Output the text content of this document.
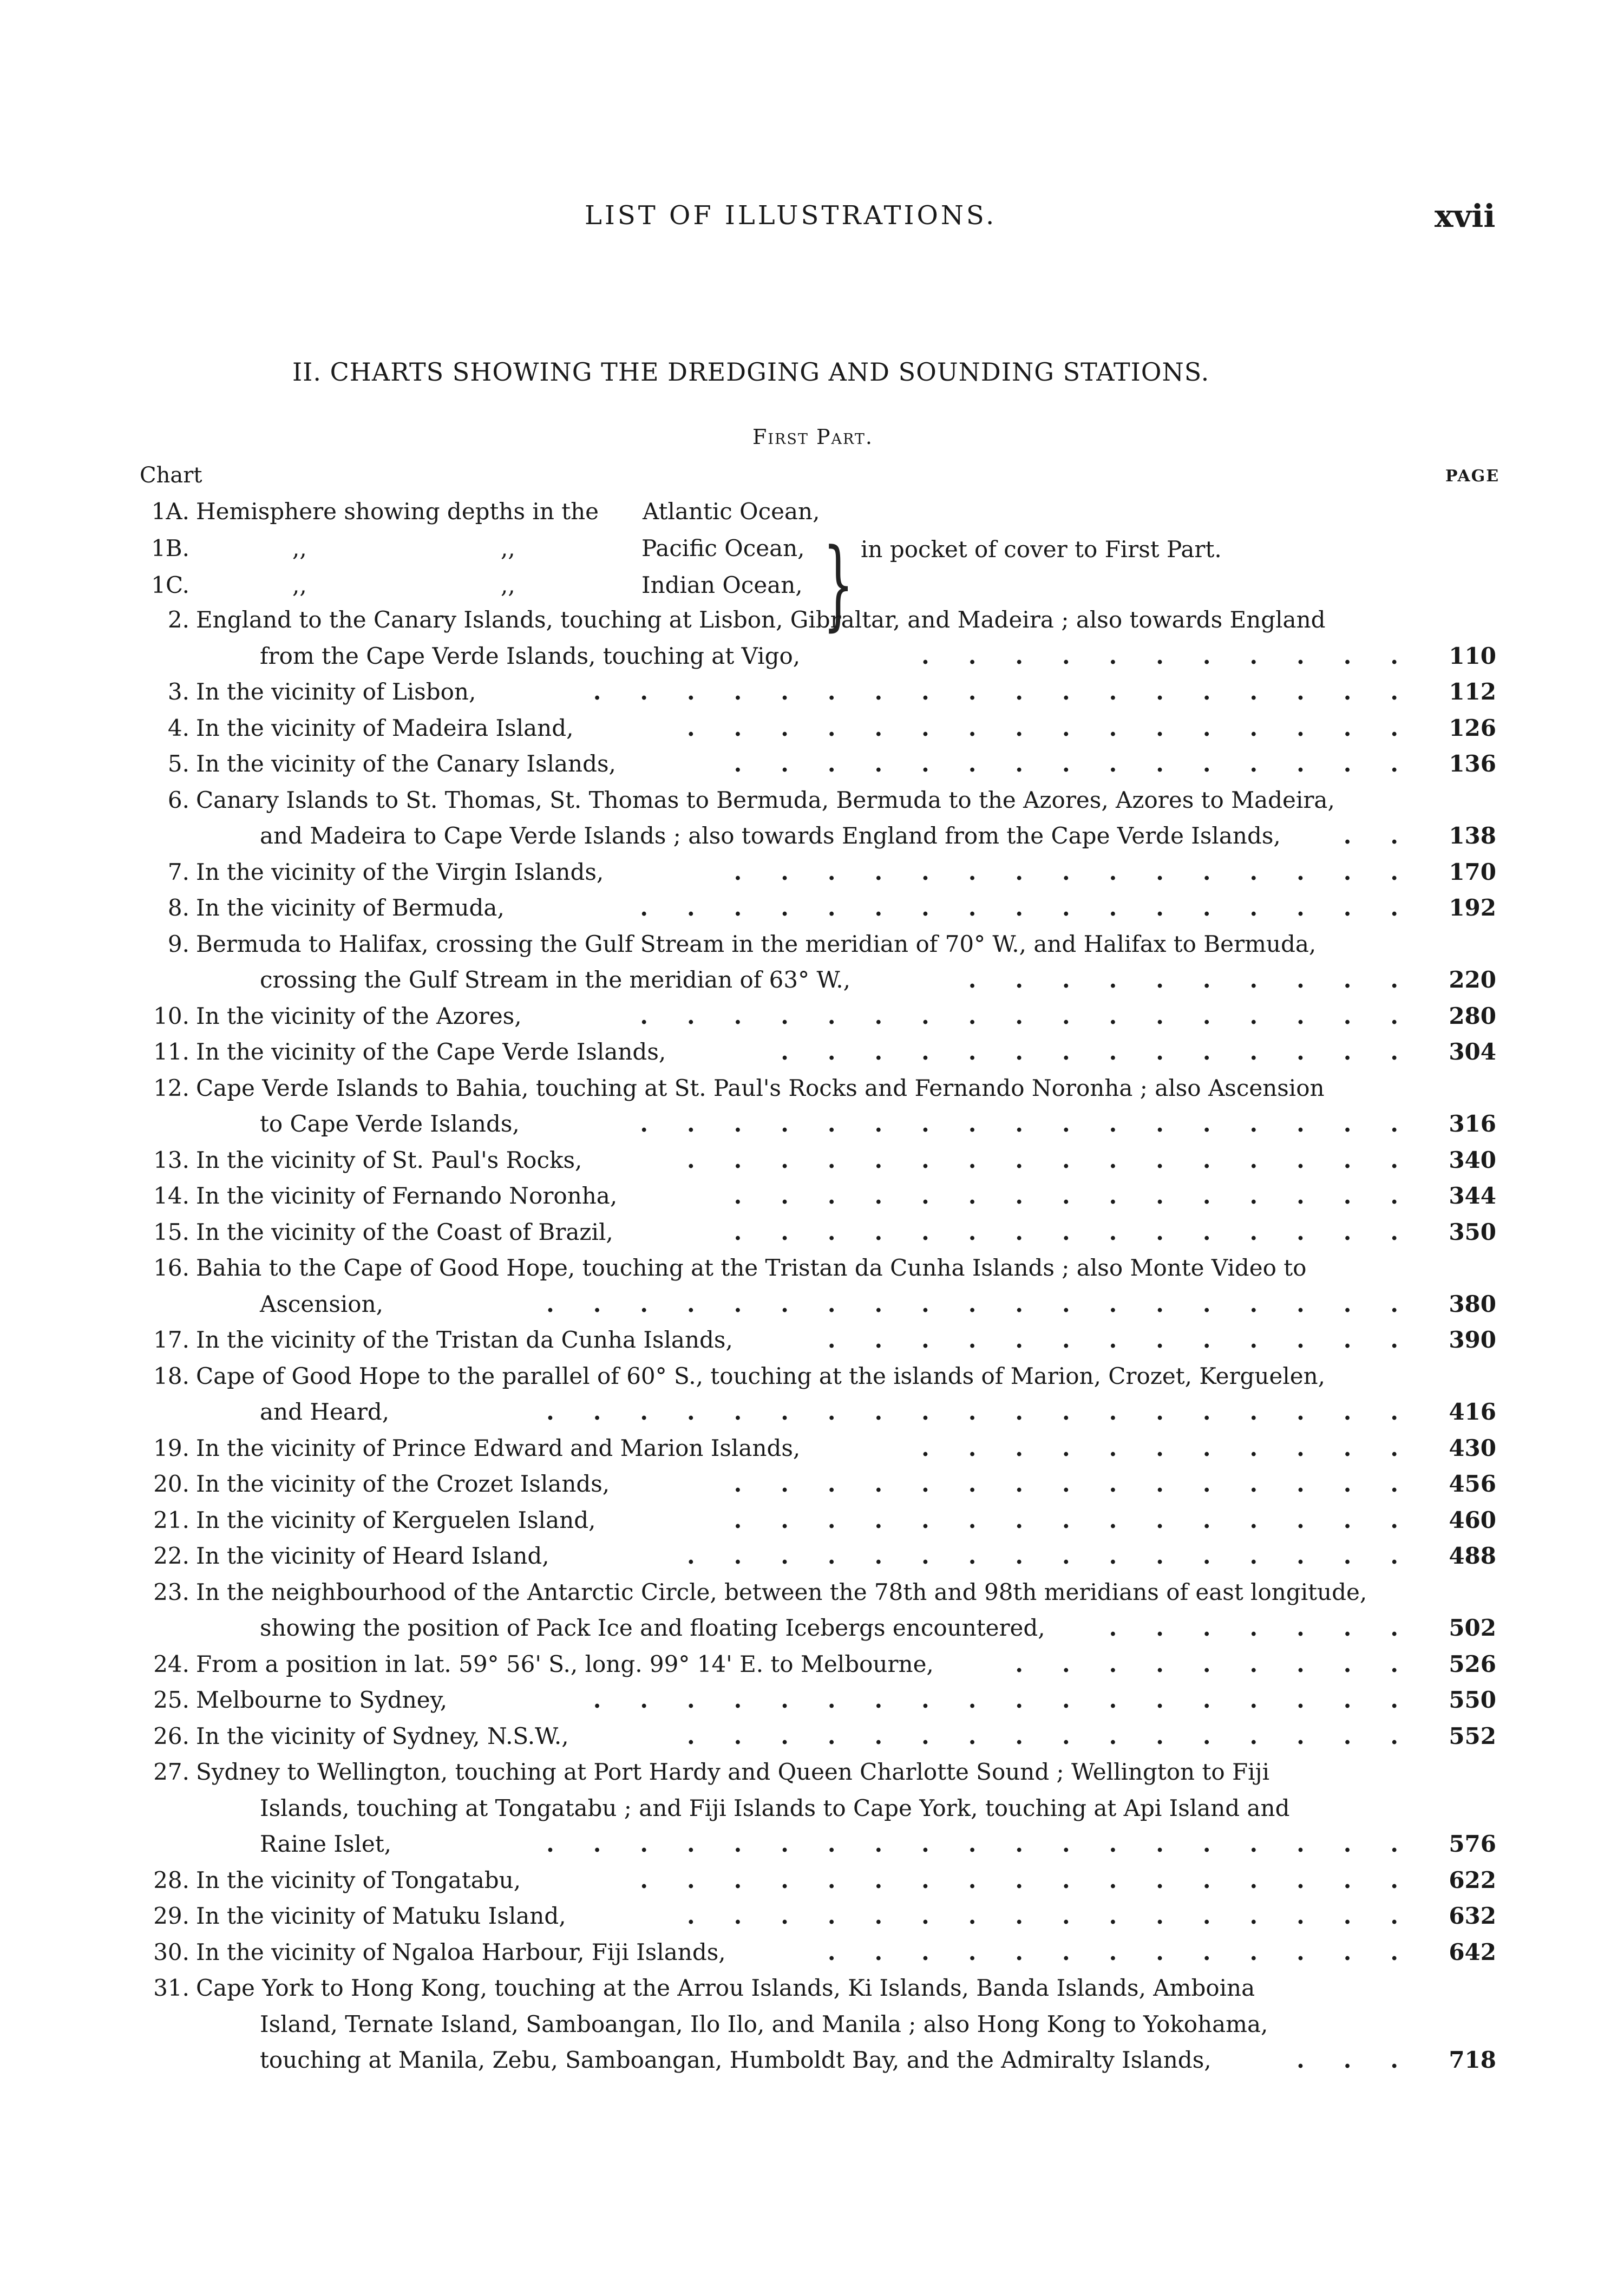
LIST OF ILLUSTRATIONS.	xvii
II. CHARTS SHOWING THE DREDGING AND SOUNDING STATIONS.
First Part.
Chart	PAGE
1A. Hemisphere showing depths in the Atlantic Ocean,
1B.	,,	,,	Pacific Ocean,
1C.	,,	,,	Indian Ocean, } in pocket of cover to First Part.
2. England to the Canary Islands, touching at Lisbon, Gibraltar, and Madeira ; also towards England
from the Cape Verde Islands, touching at Vigo,	........... 110
3. In the vicinity of Lisbon,	.................. 112
4. In the vicinity of Madeira Island,	................ 126
5. In the vicinity of the Canary Islands,	............... 136
6. Canary Islands to St. Thomas, St. Thomas to Bermuda, Bermuda to the Azores, Azores to Madeira,
and Madeira to Cape Verde Islands ; also towards England from the Cape Verde Islands,	.. 138
7. In the vicinity of the Virgin Islands,	............... 170
8. In the vicinity of Bermuda,	................. 192
9. Bermuda to Halifax, crossing the Gulf Stream in the meridian of 70° W., and Halifax to Bermuda,
crossing the Gulf Stream in the meridian of 63° W.,	.......... 220
10. In the vicinity of the Azores,	................. 280
11. In the vicinity of the Cape Verde Islands,	.............. 304
12. Cape Verde Islands to Bahia, touching at St. Paul's Rocks and Fernando Noronha ; also Ascension
to Cape Verde Islands,	................. 316
13. In the vicinity of St. Paul's Rocks,	................ 340
14. In the vicinity of Fernando Noronha,	............... 344
15. In the vicinity of the Coast of Brazil,	............... 350
16. Bahia to the Cape of Good Hope, touching at the Tristan da Cunha Islands ; also Monte Video to
Ascension,	................... 380
17. In the vicinity of the Tristan da Cunha Islands,	............. 390
18. Cape of Good Hope to the parallel of 60° S., touching at the islands of Marion, Crozet, Kerguelen,
and Heard,	................... 416
19. In the vicinity of Prince Edward and Marion Islands,	........... 430
20. In the vicinity of the Crozet Islands,	............... 456
21. In the vicinity of Kerguelen Island,	............... 460
22. In the vicinity of Heard Island,	................ 488
23. In the neighbourhood of the Antarctic Circle, between the 78th and 98th meridians of east longitude,
showing the position of Pack Ice and floating Icebergs encountered,	....... 502
24. From a position in lat. 59° 56' S., long. 99° 14' E. to Melbourne,	......... 526
25. Melbourne to Sydney,	.................. 550
26. In the vicinity of Sydney, N.S.W.,	................ 552
27. Sydney to Wellington, touching at Port Hardy and Queen Charlotte Sound ; Wellington to Fiji
Islands, touching at Tongatabu ; and Fiji Islands to Cape York, touching at Api Island and
Raine Islet,	................... 576
28. In the vicinity of Tongatabu,	................. 622
29. In the vicinity of Matuku Island,	................ 632
30. In the vicinity of Ngaloa Harbour, Fiji Islands,	............. 642
31. Cape York to Hong Kong, touching at the Arrou Islands, Ki Islands, Banda Islands, Amboina
Island, Ternate Island, Samboangan, Ilo Ilo, and Manila ; also Hong Kong to Yokohama,
touching at Manila, Zebu, Samboangan, Humboldt Bay, and the Admiralty Islands,	... 718
